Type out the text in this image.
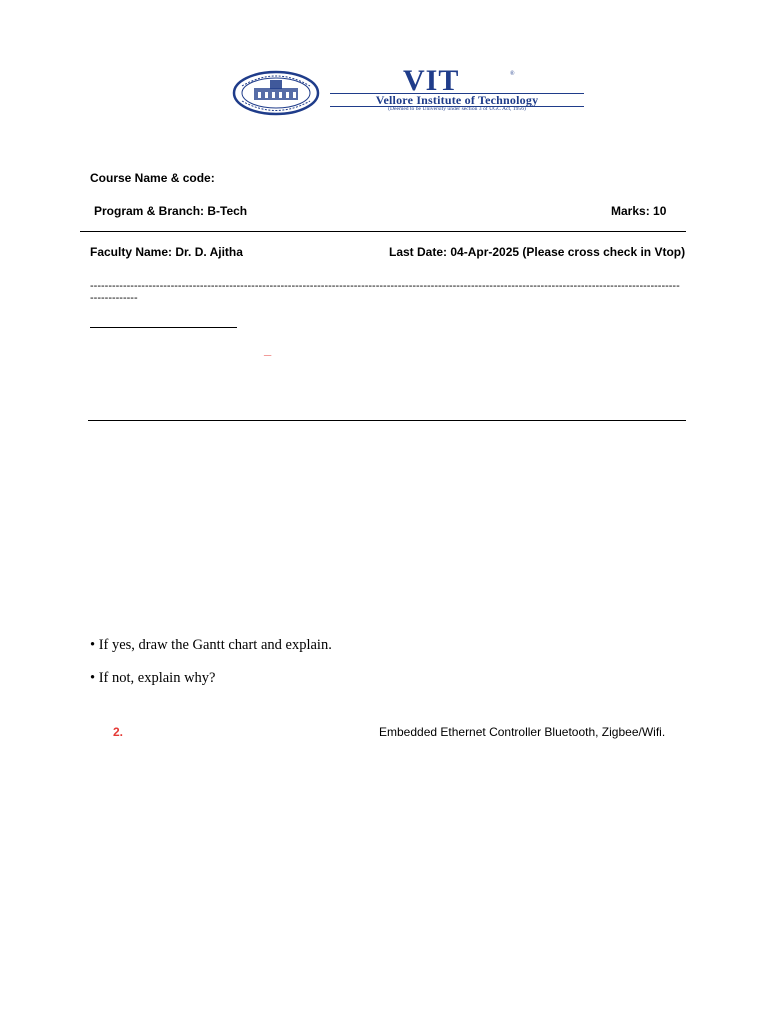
VIT	®
Vellore Institute of Technology
(Deemed to be University under section 3 of UGC Act, 1956)
Course Name & code:
Program & Branch: B-Tech	Marks: 10
Faculty Name: Dr. D. Ajitha	Last Date: 04-Apr-2025 (Please cross check in Vtop)
------------------------------------------------------------------------------------------------------------------------------------------------------------------------------
_
• If yes, draw the Gantt chart and explain.
• If not, explain why?
2.	Embedded Ethernet Controller Bluetooth, Zigbee/Wifi.
